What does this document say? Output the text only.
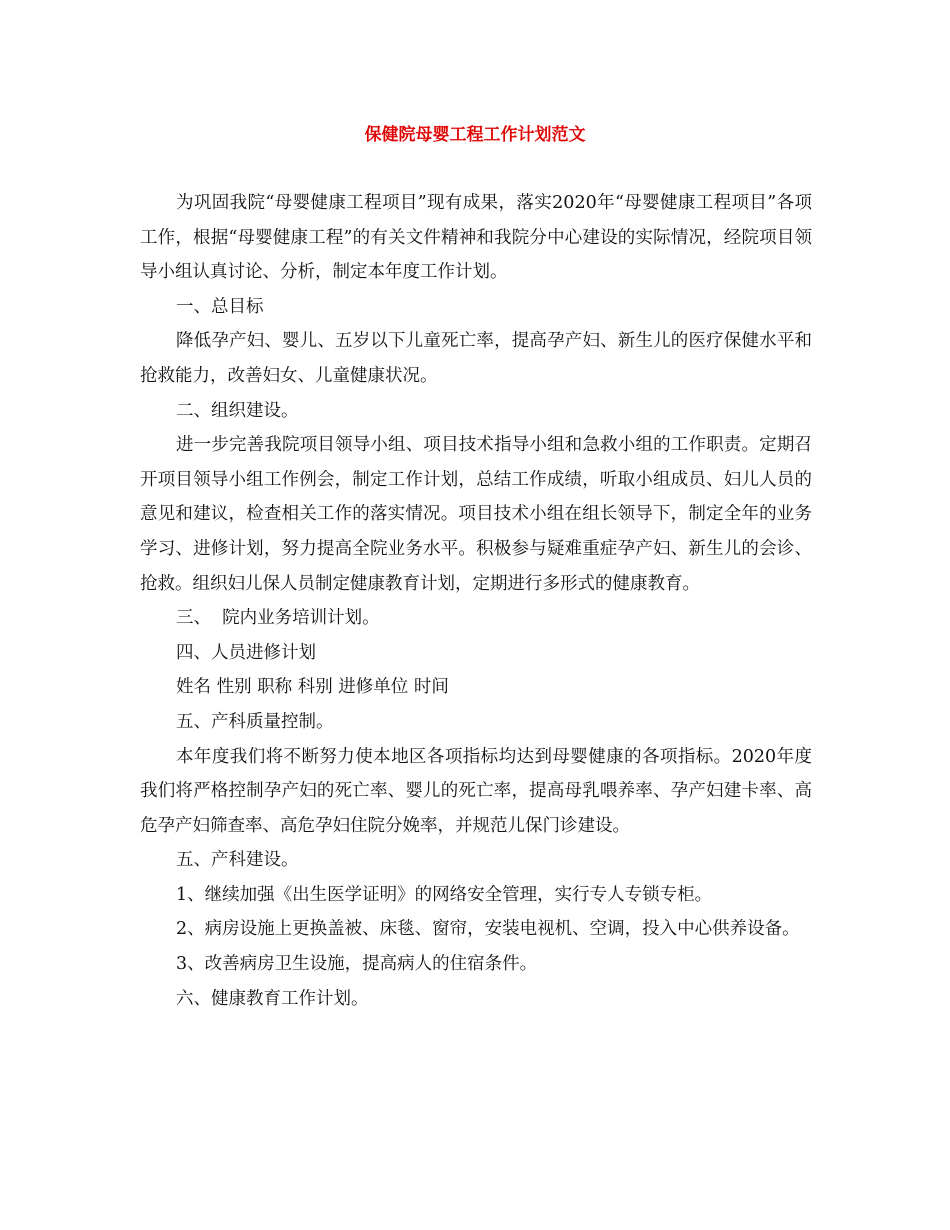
保健院母婴工程工作计划范文

为巩固我院“母婴健康工程项目”现有成果，落实2020年“母婴健康工程项目”各项工作，根据“母婴健康工程”的有关文件精神和我院分中心建设的实际情况，经院项目领导小组认真讨论、分析，制定本年度工作计划。

一、总目标

降低孕产妇、婴儿、五岁以下儿童死亡率，提高孕产妇、新生儿的医疗保健水平和抢救能力，改善妇女、儿童健康状况。

二、组织建设。

进一步完善我院项目领导小组、项目技术指导小组和急救小组的工作职责。定期召开项目领导小组工作例会，制定工作计划，总结工作成绩，听取小组成员、妇儿人员的意见和建议，检查相关工作的落实情况。项目技术小组在组长领导下，制定全年的业务学习、进修计划，努力提高全院业务水平。积极参与疑难重症孕产妇、新生儿的会诊、抢救。组织妇儿保人员制定健康教育计划，定期进行多形式的健康教育。

三、  院内业务培训计划。

四、人员进修计划

姓名 性别 职称 科别 进修单位 时间

五、产科质量控制。

本年度我们将不断努力使本地区各项指标均达到母婴健康的各项指标。2020年度我们将严格控制孕产妇的死亡率、婴儿的死亡率，提高母乳喂养率、孕产妇建卡率、高危孕产妇筛查率、高危孕妇住院分娩率，并规范儿保门诊建设。

五、产科建设。

1、继续加强《出生医学证明》的网络安全管理，实行专人专锁专柜。

2、病房设施上更换盖被、床毯、窗帘，安装电视机、空调，投入中心供养设备。

3、改善病房卫生设施，提高病人的住宿条件。

六、健康教育工作计划。
